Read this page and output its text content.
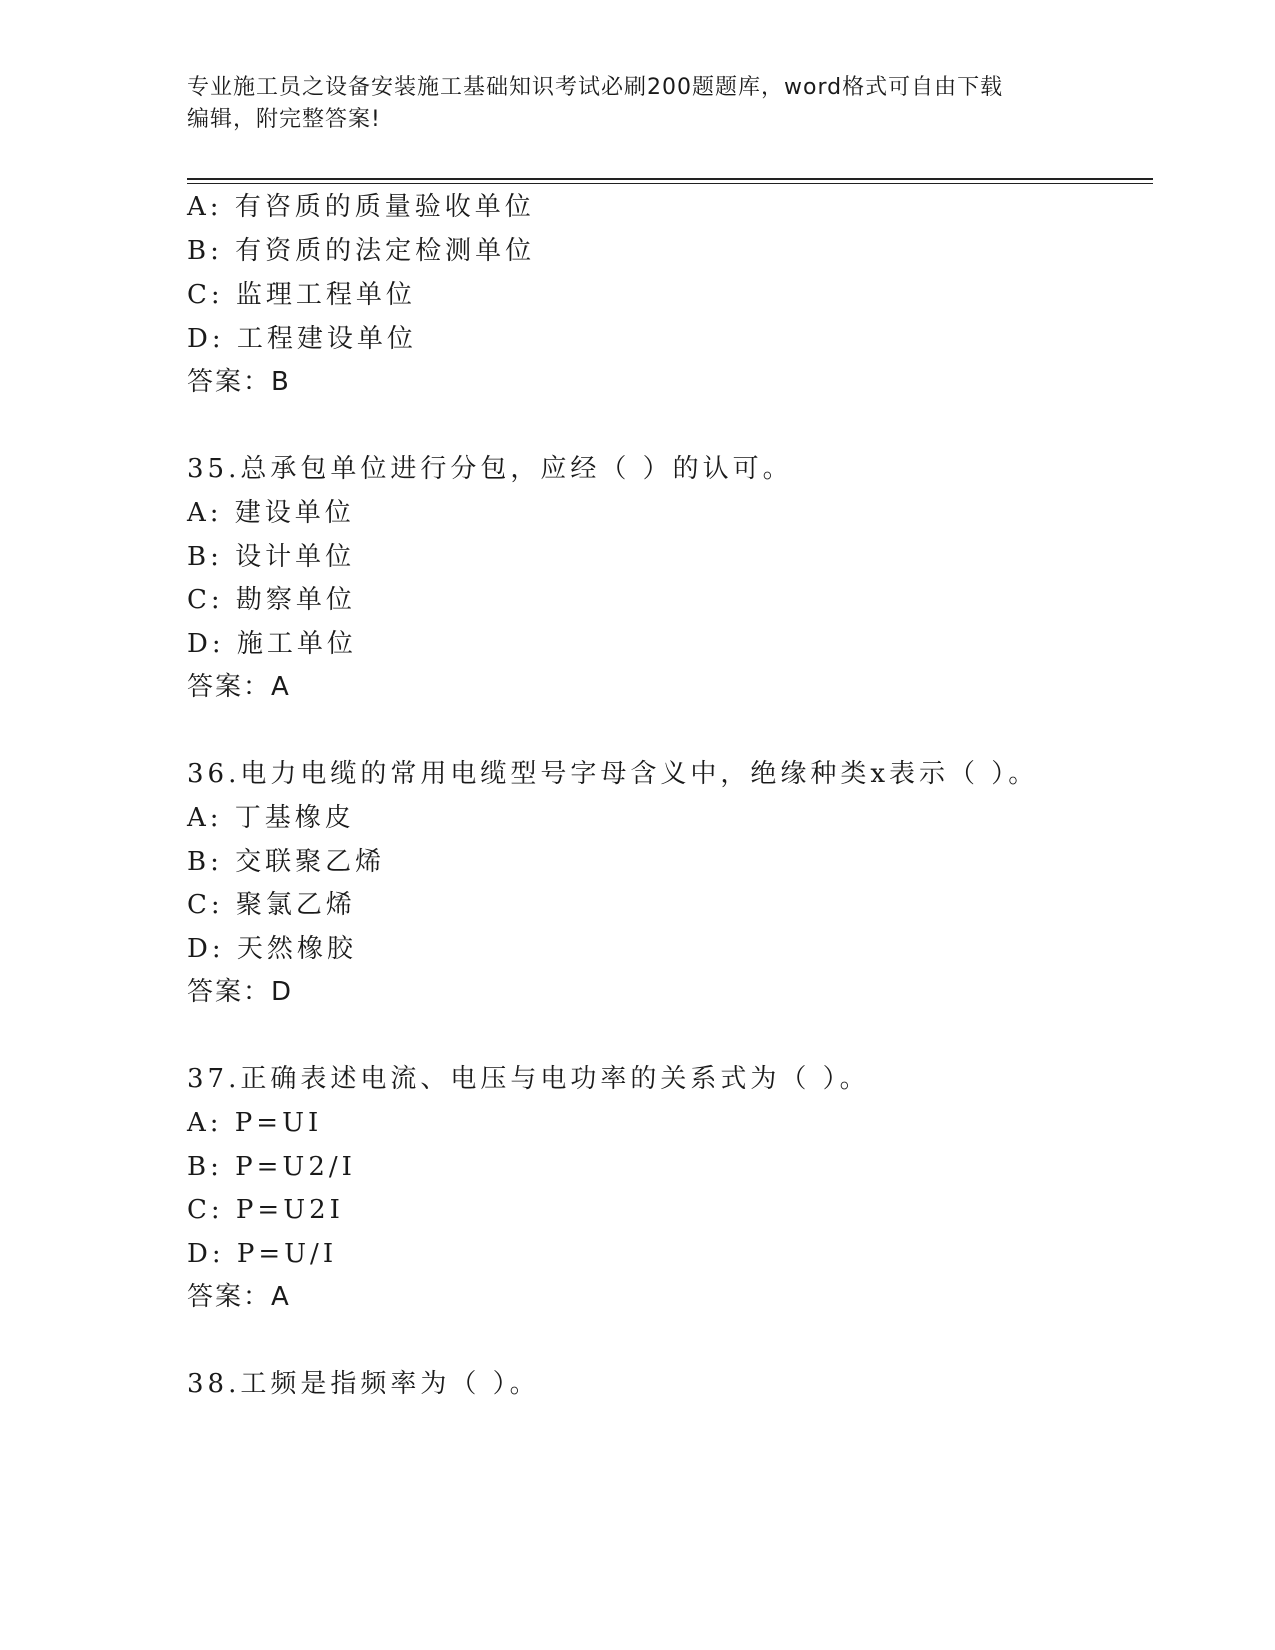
专业施工员之设备安装施工基础知识考试必刷200题题库，word格式可自由下载
编辑，附完整答案!
A: 有咨质的质量验收单位
B: 有资质的法定检测单位
C: 监理工程单位
D: 工程建设单位
答案：B
35.总承包单位进行分包，应经（ ）的认可。
A: 建设单位
B: 设计单位
C: 勘察单位
D: 施工单位
答案：A
36.电力电缆的常用电缆型号字母含义中，绝缘种类x表示（ ）。
A: 丁基橡皮
B: 交联聚乙烯
C: 聚氯乙烯
D: 天然橡胶
答案：D
37.正确表述电流、电压与电功率的关系式为（ ）。
A: P=UI
B: P=U2/I
C: P=U2I
D: P=U/I
答案：A
38.工频是指频率为（ ）。
